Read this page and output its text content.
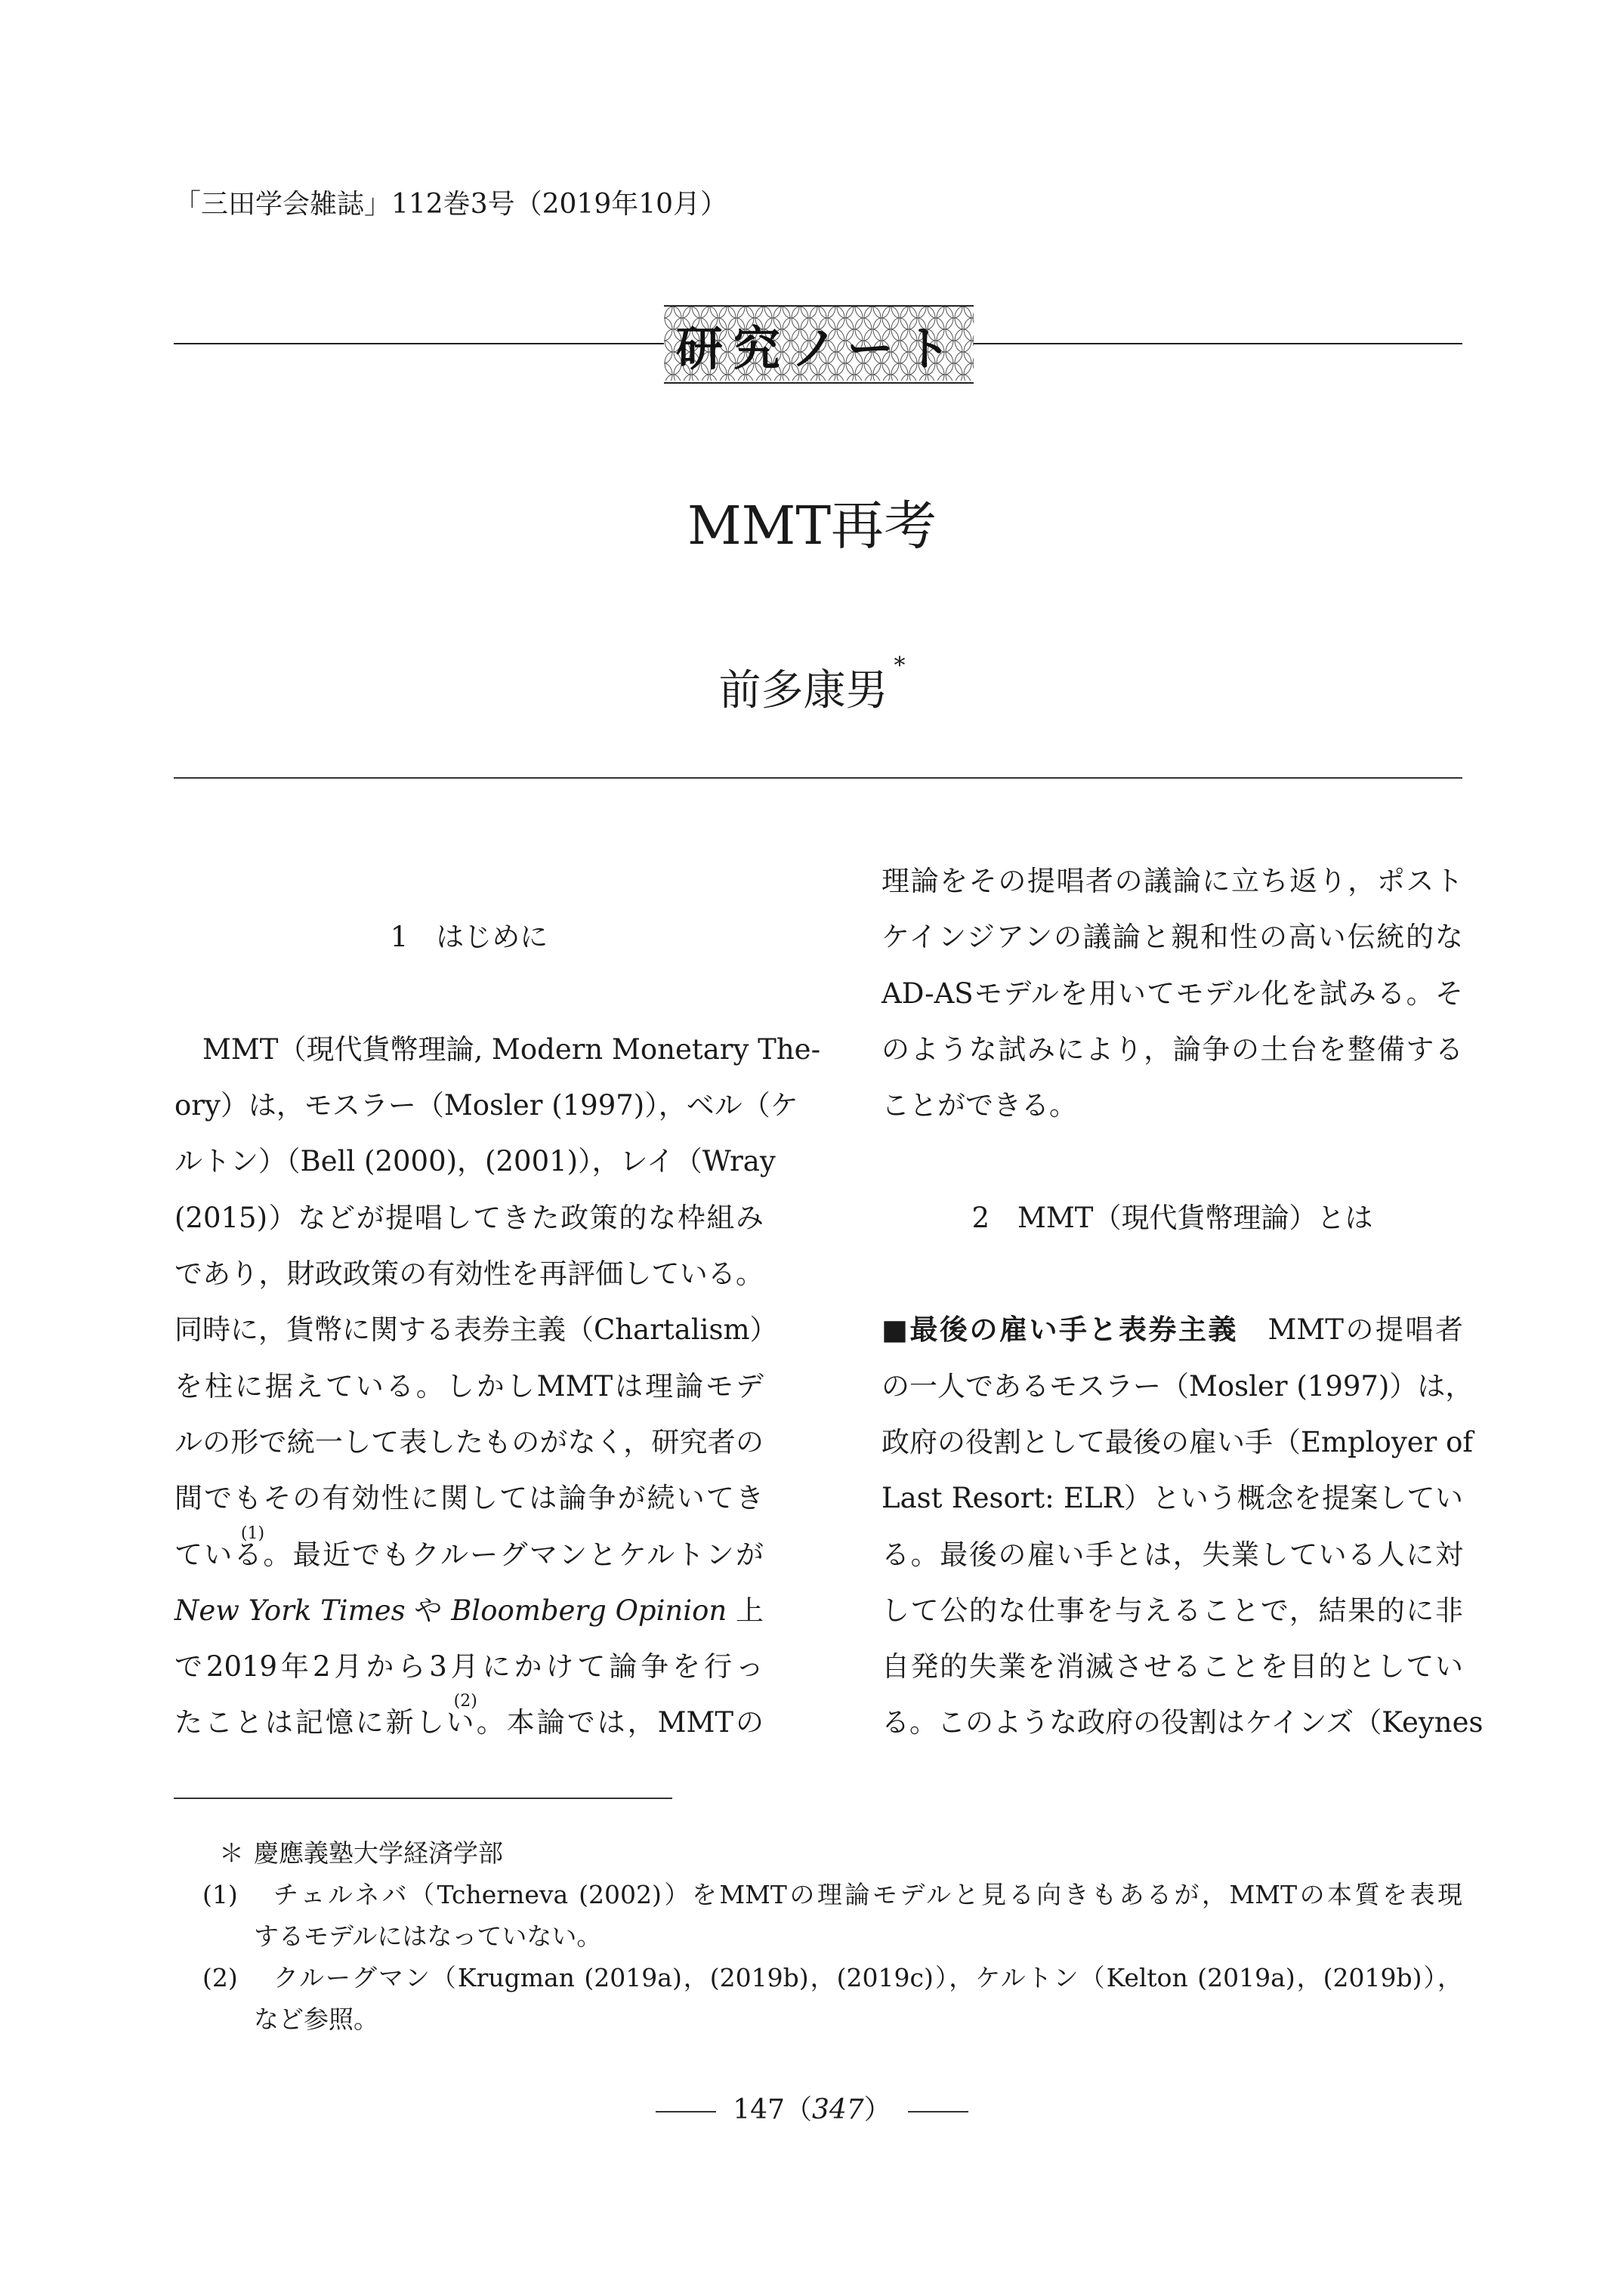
「三田学会雑誌」112巻3号（2019年10月）
研究ノート
MMT再考
前多康男*
1　はじめに
MMT（現代貨幣理論, Modern Monetary The-
ory）は，モスラー（Mosler (1997)），ベル（ケ
ルトン）（Bell (2000)，(2001)），レイ（Wray
(2015)）などが提唱してきた政策的な枠組み
であり，財政政策の有効性を再評価している。
同時に，貨幣に関する表券主義（Chartalism）
を柱に据えている。しかしMMTは理論モデ
ルの形で統一して表したものがなく，研究者の
間でもその有効性に関しては論争が続いてき
ている(1)。最近でもクルーグマンとケルトンが
New York Times や Bloomberg Opinion 上
で2019年2月から3月にかけて論争を行っ
たことは記憶に新しい(2)。本論では，MMTの
理論をその提唱者の議論に立ち返り，ポスト
ケインジアンの議論と親和性の高い伝統的な
AD-ASモデルを用いてモデル化を試みる。そ
のような試みにより，論争の土台を整備する
ことができる。
2　MMT（現代貨幣理論）とは
■最後の雇い手と表券主義　MMTの提唱者
の一人であるモスラー（Mosler (1997)）は，
政府の役割として最後の雇い手（Employer of
Last Resort: ELR）という概念を提案してい
る。最後の雇い手とは，失業している人に対
して公的な仕事を与えることで，結果的に非
自発的失業を消滅させることを目的としてい
る。このような政府の役割はケインズ（Keynes
＊ 慶應義塾大学経済学部
(1)	チェルネバ（Tcherneva (2002)）をMMTの理論モデルと見る向きもあるが，MMTの本質を表現
するモデルにはなっていない。
(2)	クルーグマン（Krugman (2019a)，(2019b)，(2019c)），ケルトン（Kelton (2019a)，(2019b)），
など参照。
147（347）
